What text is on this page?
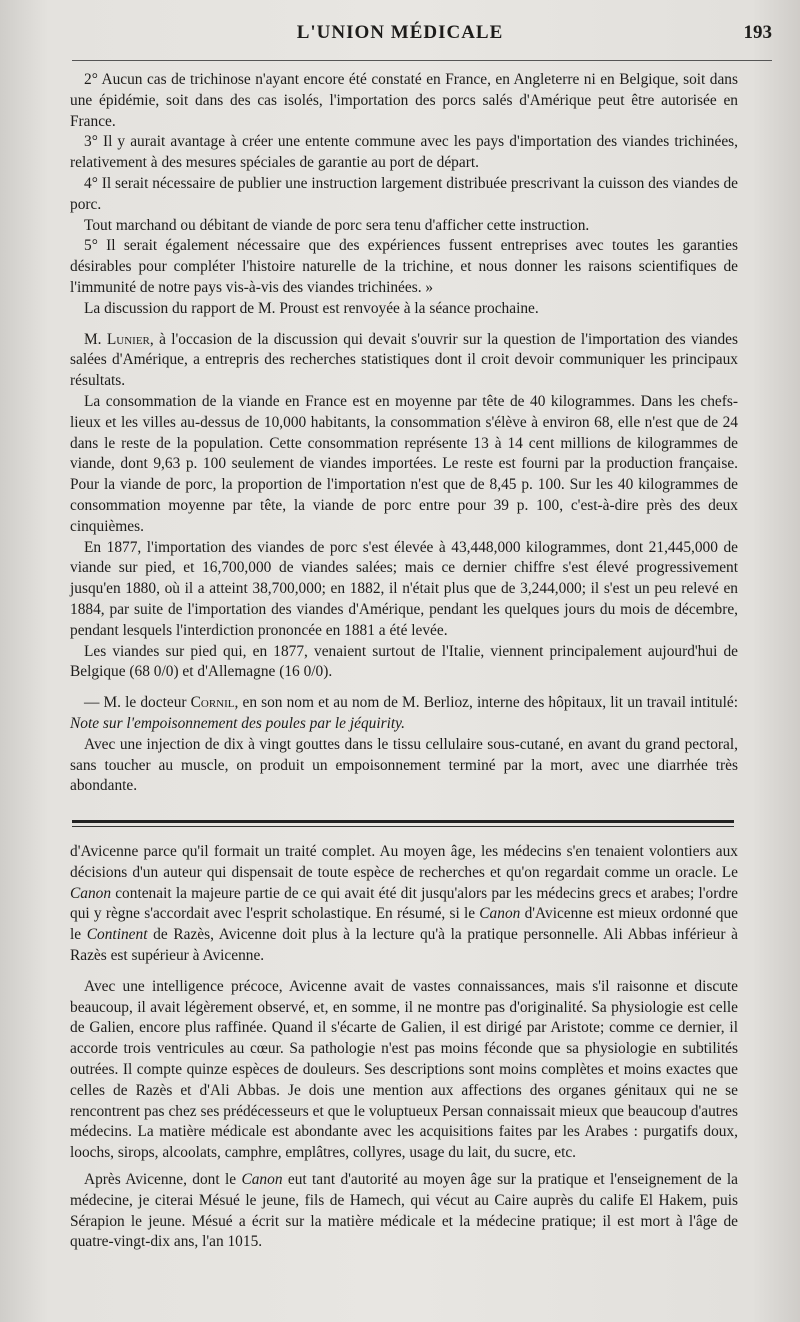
L'UNION MÉDICALE	193

2° Aucun cas de trichinose n'ayant encore été constaté en France, en Angleterre ni en Belgique, soit dans une épidémie, soit dans des cas isolés, l'importation des porcs salés d'Amérique peut être autorisée en France.

3° Il y aurait avantage à créer une entente commune avec les pays d'importation des viandes trichinées, relativement à des mesures spéciales de garantie au port de départ.

4° Il serait nécessaire de publier une instruction largement distribuée prescrivant la cuisson des viandes de porc.

Tout marchand ou débitant de viande de porc sera tenu d'afficher cette instruction.

5° Il serait également nécessaire que des expériences fussent entreprises avec toutes les garanties désirables pour compléter l'histoire naturelle de la trichine, et nous donner les raisons scientifiques de l'immunité de notre pays vis-à-vis des viandes trichinées. »

La discussion du rapport de M. Proust est renvoyée à la séance prochaine.

M. Lunier, à l'occasion de la discussion qui devait s'ouvrir sur la question de l'importation des viandes salées d'Amérique, a entrepris des recherches statistiques dont il croit devoir communiquer les principaux résultats.

La consommation de la viande en France est en moyenne par tête de 40 kilogrammes. Dans les chefs-lieux et les villes au-dessus de 10,000 habitants, la consommation s'élève à environ 68, elle n'est que de 24 dans le reste de la population. Cette consommation représente 13 à 14 cent millions de kilogrammes de viande, dont 9,63 p. 100 seulement de viandes importées. Le reste est fourni par la production française. Pour la viande de porc, la proportion de l'importation n'est que de 8,45 p. 100. Sur les 40 kilogrammes de consommation moyenne par tête, la viande de porc entre pour 39 p. 100, c'est-à-dire près des deux cinquièmes.

En 1877, l'importation des viandes de porc s'est élevée à 43,448,000 kilogrammes, dont 21,445,000 de viande sur pied, et 16,700,000 de viandes salées; mais ce dernier chiffre s'est élevé progressivement jusqu'en 1880, où il a atteint 38,700,000; en 1882, il n'était plus que de 3,244,000; il s'est un peu relevé en 1884, par suite de l'importation des viandes d'Amérique, pendant les quelques jours du mois de décembre, pendant lesquels l'interdiction prononcée en 1881 a été levée.

Les viandes sur pied qui, en 1877, venaient surtout de l'Italie, viennent principalement aujourd'hui de Belgique (68 0/0) et d'Allemagne (16 0/0).

— M. le docteur Cornil, en son nom et au nom de M. Berlioz, interne des hôpitaux, lit un travail intitulé: Note sur l'empoisonnement des poules par le jéquirity.

Avec une injection de dix à vingt gouttes dans le tissu cellulaire sous-cutané, en avant du grand pectoral, sans toucher au muscle, on produit un empoisonnement terminé par la mort, avec une diarrhée très abondante.

d'Avicenne parce qu'il formait un traité complet. Au moyen âge, les médecins s'en tenaient volontiers aux décisions d'un auteur qui dispensait de toute espèce de recherches et qu'on regardait comme un oracle. Le Canon contenait la majeure partie de ce qui avait été dit jusqu'alors par les médecins grecs et arabes; l'ordre qui y règne s'accordait avec l'esprit scholastique. En résumé, si le Canon d'Avicenne est mieux ordonné que le Continent de Razès, Avicenne doit plus à la lecture qu'à la pratique personnelle. Ali Abbas inférieur à Razès est supérieur à Avicenne.

Avec une intelligence précoce, Avicenne avait de vastes connaissances, mais s'il raisonne et discute beaucoup, il avait légèrement observé, et, en somme, il ne montre pas d'originalité. Sa physiologie est celle de Galien, encore plus raffinée. Quand il s'écarte de Galien, il est dirigé par Aristote; comme ce dernier, il accorde trois ventricules au cœur. Sa pathologie n'est pas moins féconde que sa physiologie en subtilités outrées. Il compte quinze espèces de douleurs. Ses descriptions sont moins complètes et moins exactes que celles de Razès et d'Ali Abbas. Je dois une mention aux affections des organes génitaux qui ne se rencontrent pas chez ses prédécesseurs et que le voluptueux Persan connaissait mieux que beaucoup d'autres médecins. La matière médicale est abondante avec les acquisitions faites par les Arabes : purgatifs doux, loochs, sirops, alcoolats, camphre, emplâtres, collyres, usage du lait, du sucre, etc.

Après Avicenne, dont le Canon eut tant d'autorité au moyen âge sur la pratique et l'enseignement de la médecine, je citerai Mésué le jeune, fils de Hamech, qui vécut au Caire auprès du calife El Hakem, puis Sérapion le jeune. Mésué a écrit sur la matière médicale et la médecine pratique; il est mort à l'âge de quatre-vingt-dix ans, l'an 1015.
